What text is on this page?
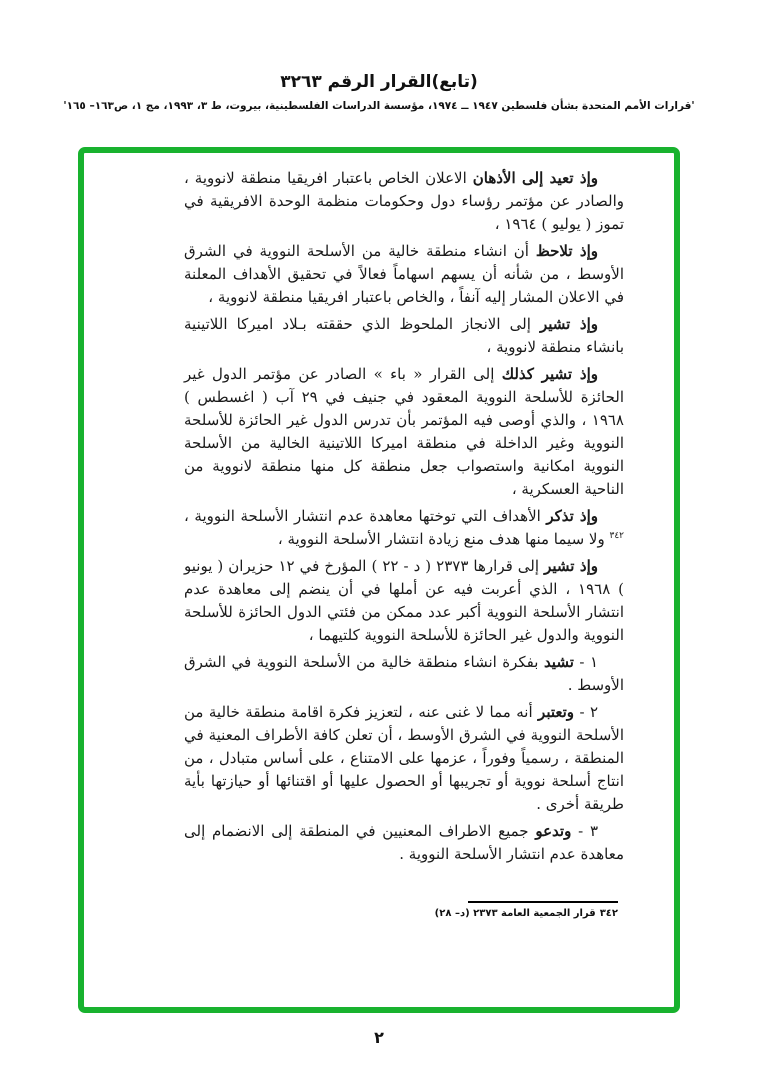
(تابع)القرار الرقم ٣٢٦٣
'قرارات الأمم المتحدة بشأن فلسطين ١٩٤٧ ــ ١٩٧٤، مؤسسة الدراسات الفلسطينية، بيروت، ط ٣، ١٩٩٣، مج ١، ص١٦٣– ١٦٥'

وإذ تعيد إلى الأذهان الاعلان الخاص باعتبار افريقيا منطقة لانووية ، والصادر عن مؤتمر رؤساء دول وحكومات منظمة الوحدة الافريقية في تموز ( يوليو ) ١٩٦٤ ،

وإذ تلاحظ أن انشاء منطقة خالية من الأسلحة النووية في الشرق الأوسط ، من شأنه أن يسهم اسهاماً فعالاً في تحقيق الأهداف المعلنة في الاعلان المشار إليه آنفاً ، والخاص باعتبار افريقيا منطقة لانووية ،

وإذ تشير إلى الانجاز الملحوظ الذي حققته بـلاد اميركا اللاتينية بانشاء منطقة لانووية ،

وإذ تشير كذلك إلى القرار « باء » الصادر عن مؤتمر الدول غير الحائزة للأسلحة النووية المعقود في جنيف في ٢٩ آب ( اغسطس ) ١٩٦٨ ، والذي أوصى فيه المؤتمر بأن تدرس الدول غير الحائزة للأسلحة النووية وغير الداخلة في منطقة اميركا اللاتينية الخالية من الأسلحة النووية امكانية واستصواب جعل منطقة كل منها منطقة لانووية من الناحية العسكرية ،

وإذ تذكر الأهداف التي توختها معاهدة عدم انتشار الأسلحة النووية ، $^{٣٤٢}$ ولا سيما منها هدف منع زيادة انتشار الأسلحة النووية ،

وإذ تشير إلى قرارها ٢٣٧٣ ( د - ٢٢ ) المؤرخ في ١٢ حزيران ( يونيو ) ١٩٦٨ ، الذي أعربت فيه عن أملها في أن ينضم إلى معاهدة عدم انتشار الأسلحة النووية أكبر عدد ممكن من فئتي الدول الحائزة للأسلحة النووية والدول غير الحائزة للأسلحة النووية كلتيهما ،

١ - تشيد بفكرة انشاء منطقة خالية من الأسلحة النووية في الشرق الأوسط .

٢ - وتعتبر أنه مما لا غنى عنه ، لتعزيز فكرة اقامة منطقة خالية من الأسلحة النووية في الشرق الأوسط ، أن تعلن كافة الأطراف المعنية في المنطقة ، رسمياً وفوراً ، عزمها على الامتناع ، على أساس متبادل ، من انتاج أسلحة نووية أو تجريبها أو الحصول عليها أو اقتنائها أو حيازتها بأية طريقة أخرى .

٣ - وتدعو جميع الاطراف المعنيين في المنطقة إلى الانضمام إلى معاهدة عدم انتشار الأسلحة النووية .

٣٤٢قرار الجمعية العامة ٢٣٧٣ (د– ٢٨)
٢
